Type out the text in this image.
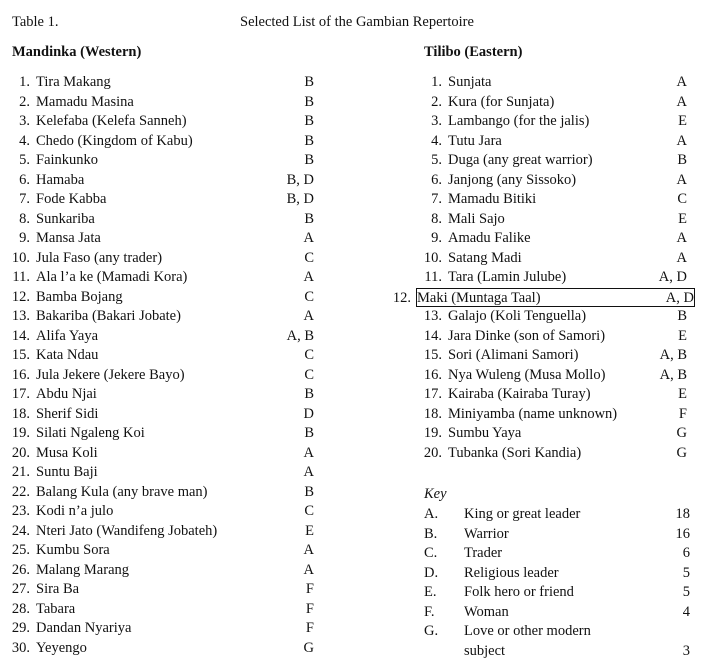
Table 1.	Selected List of the Gambian Repertoire
Mandinka (Western)	Tilibo (Eastern)
1. Tira Makang	B
2. Mamadu Masina	B
3. Kelefaba (Kelefa Sanneh)	B
4. Chedo (Kingdom of Kabu)	B
5. Fainkunko	B
6. Hamaba	B, D
7. Fode Kabba	B, D
8. Sunkariba	B
9. Mansa Jata	A
10. Jula Faso (any trader)	C
11. Ala l’a ke (Mamadi Kora)	A
12. Bamba Bojang	C
13. Bakariba (Bakari Jobate)	A
14. Alifa Yaya	A, B
15. Kata Ndau	C
16. Jula Jekere (Jekere Bayo)	C
17. Abdu Njai	B
18. Sherif Sidi	D
19. Silati Ngaleng Koi	B
20. Musa Koli	A
21. Suntu Baji	A
22. Balang Kula (any brave man)	B
23. Kodi n’a julo	C
24. Nteri Jato (Wandifeng Jobateh)	E
25. Kumbu Sora	A
26. Malang Marang	A
27. Sira Ba	F
28. Tabara	F
29. Dandan Nyariya	F
30. Yeyengo	G
1. Sunjata	A
2. Kura (for Sunjata)	A
3. Lambango (for the jalis)	E
4. Tutu Jara	A
5. Duga (any great warrior)	B
6. Janjong (any Sissoko)	A
7. Mamadu Bitiki	C
8. Mali Sajo	E
9. Amadu Falike	A
10. Satang Madi	A
11. Tara (Lamin Julube)	A, D
12. Maki (Muntaga Taal)	A, D
13. Galajo (Koli Tenguella)	B
14. Jara Dinke (son of Samori)	E
15. Sori (Alimani Samori)	A, B
16. Nya Wuleng (Musa Mollo)	A, B
17. Kairaba (Kairaba Turay)	E
18. Miniyamba (name unknown)	F
19. Sumbu Yaya	G
20. Tubanka (Sori Kandia)	G
Key
A. King or great leader	18
B. Warrior	16
C. Trader	6
D. Religious leader	5
E. Folk hero or friend	5
F. Woman	4
G. Love or other modern
subject	3
